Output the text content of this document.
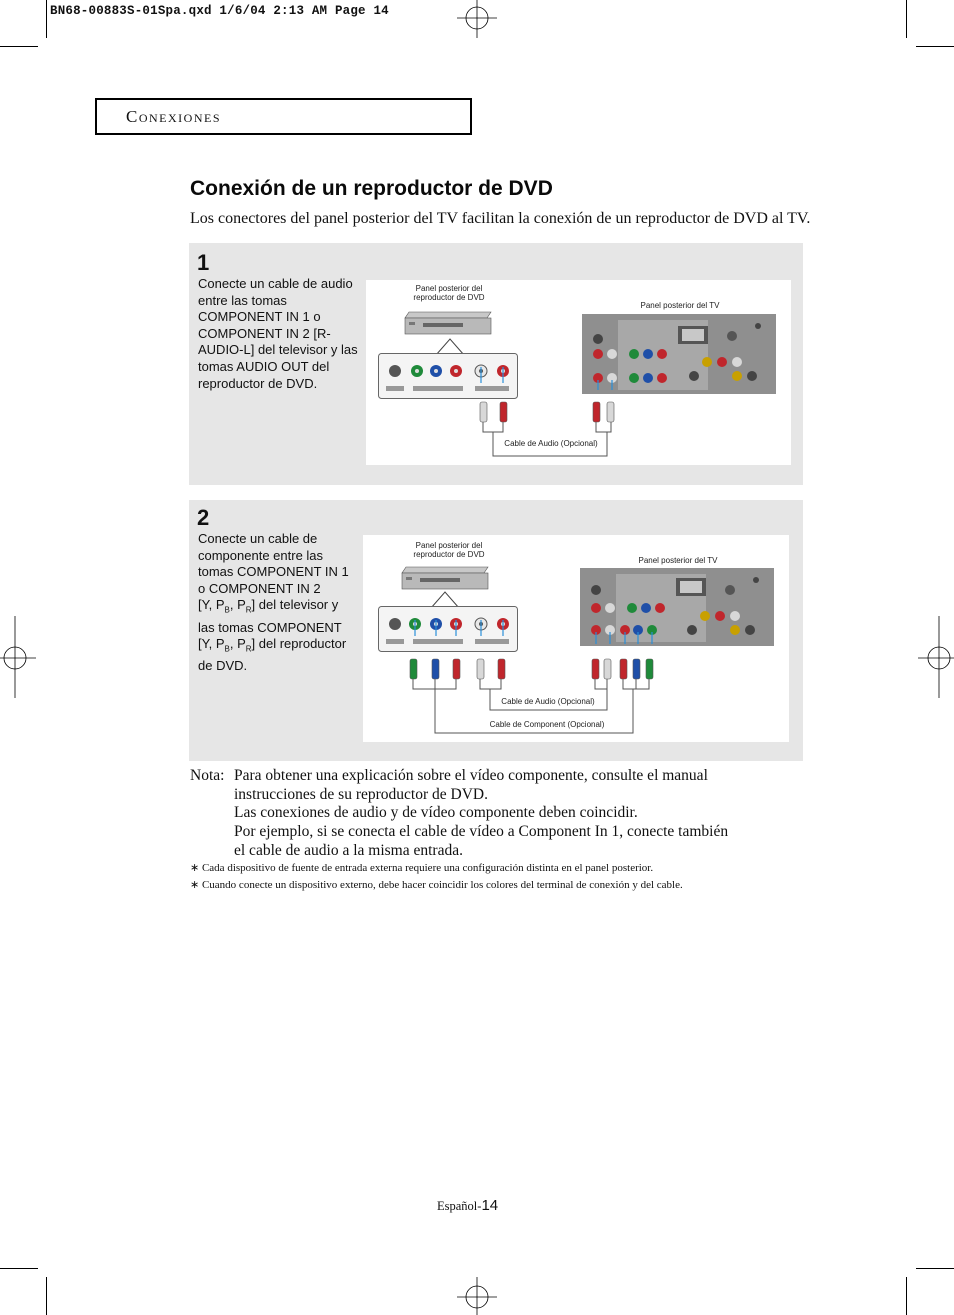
BN68-00883S-01Spa.qxd 1/6/04 2:13 AM Page 14
Conexiones
Conexión de un reproductor de DVD
Los conectores del panel posterior del TV facilitan la conexión de un reproductor de DVD al TV.
1
Conecte un cable de audio entre las tomas COMPONENT IN 1 o COMPONENT IN 2 [R-AUDIO-L] del televisor y las tomas AUDIO OUT del reproductor de DVD.
Panel posterior del reproductor de DVD
Panel posterior del TV
Cable de Audio (Opcional)
2
Conecte un cable de
componente entre las
tomas COMPONENT IN 1
o COMPONENT IN 2
[Y, $P_B$, $P_R$] del televisor y
las tomas COMPONENT
[Y, $P_B$, $P_R$] del reproductor
de DVD.
Panel posterior del reproductor de DVD
Panel posterior del TV
Cable de Audio (Opcional)
Cable de Component (Opcional)
Nota: Para obtener una explicación sobre el vídeo componente, consulte el manual
instrucciones de su reproductor de DVD.
Las conexiones de audio y de vídeo componente deben coincidir.
Por ejemplo, si se conecta el cable de vídeo a Component In 1, conecte también
el cable de audio a la misma entrada.
∗ Cada dispositivo de fuente de entrada externa requiere una configuración distinta en el panel posterior.
∗ Cuando conecte un dispositivo externo, debe hacer coincidir los colores del terminal de conexión y del cable.
Español-14
